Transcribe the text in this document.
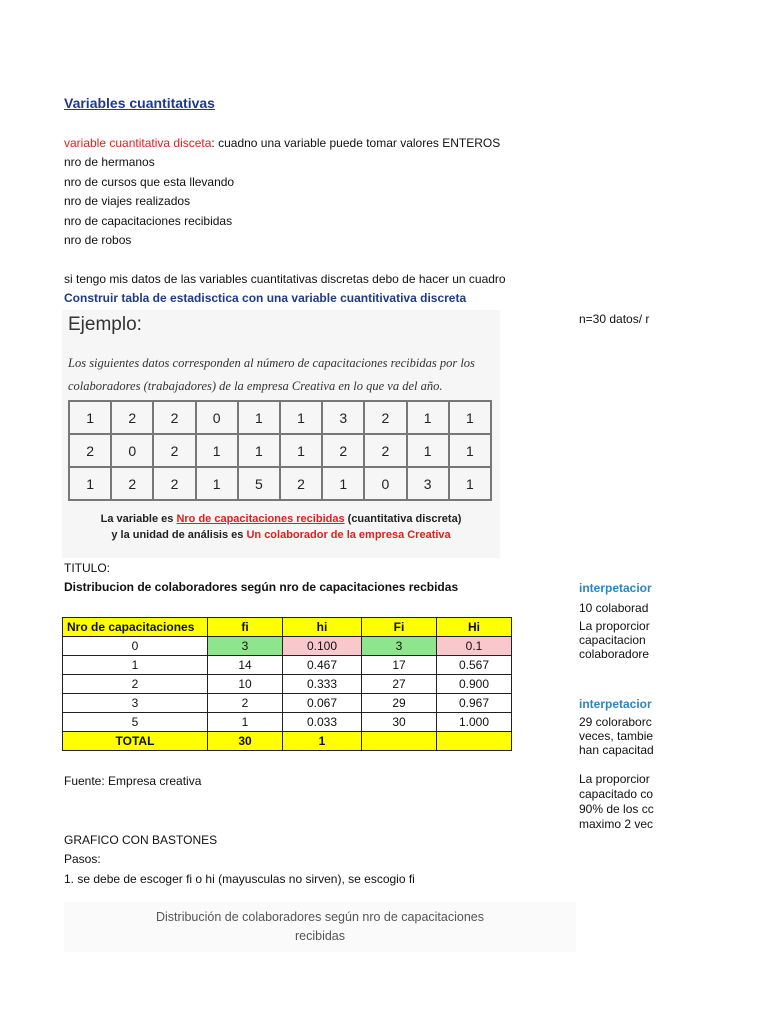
Variables cuantitativas
variable cuantitativa disceta: cuadno una variable puede tomar valores ENTEROS
nro de hermanos
nro de cursos que esta llevando
nro de viajes realizados
nro de capacitaciones recibidas
nro de robos
si tengo mis datos de las variables cuantitativas discretas debo de hacer un cuadro
Construir tabla de estadisctica con una variable cuantitivativa discreta
n=30 datos/ r
Ejemplo:
Los siguientes datos corresponden al número de capacitaciones recibidas por los colaboradores (trabajadores) de la empresa Creativa en lo que va del año.
1	2	2	0	1	1	3	2	1	1
2	0	2	1	1	1	2	2	1	1
1	2	2	1	5	2	1	0	3	1
La variable es Nro de capacitaciones recibidas (cuantitativa discreta)
y la unidad de análisis es Un colaborador de la empresa Creativa
TITULO:
Distribucion de colaboradores según nro de capacitaciones recbidas
Nro de capacitaciones	fi	hi	Fi	Hi
0	3	0.100	3	0.1
1	14	0.467	17	0.567
2	10	0.333	27	0.900
3	2	0.067	29	0.967
5	1	0.033	30	1.000
TOTAL	30	1		
interpetacior
10 colaborad
La proporcior
capacitacion
colaboradore
interpetacior
29 coloraborc
veces, tambie
han capacitad
La proporcior
capacitado co
90% de los cc
maximo 2 vec
Fuente: Empresa creativa
GRAFICO CON BASTONES
Pasos:
1. se debe de escoger fi o hi (mayusculas no sirven), se escogio fi
Distribución de colaboradores según nro de capacitaciones
recibidas
